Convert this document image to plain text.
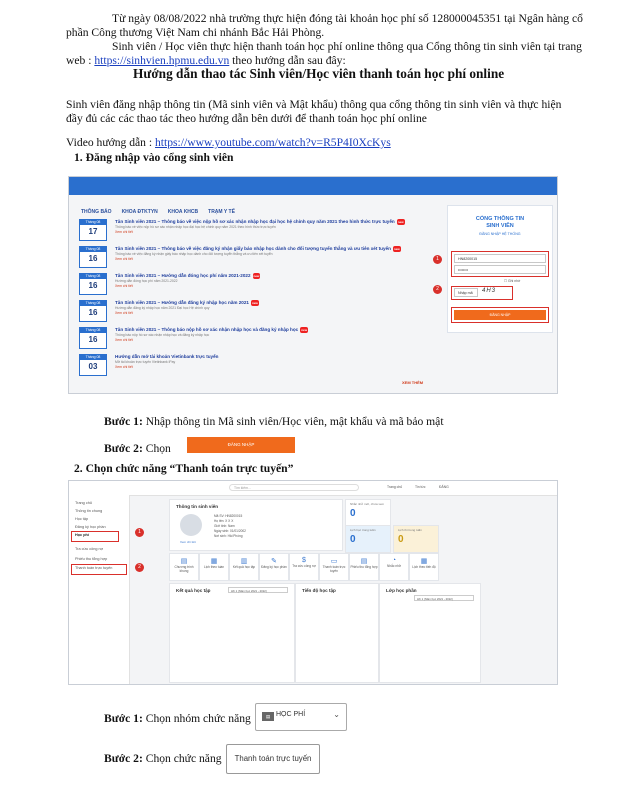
Từ ngày 08/08/2022 nhà trường thực hiện đóng tài khoản học phí số 128000045351 tại Ngân hàng cổ
phần Công thương Việt Nam chi nhánh Bắc Hải Phòng.
Sinh viên / Học viên thực hiện thanh toán học phí online thông qua Cổng thông tin sinh viên tại trang
web : https://sinhvien.hpmu.edu.vn theo hướng dẫn sau đây:
Hướng dẫn thao tác Sinh viên/Học viên thanh toán học phí online
Sinh viên đăng nhập thông tin (Mã sinh viên và Mật khẩu) thông qua cổng thông tin sinh viên và thực hiện
đầy đủ các các thao tác theo hướng dẫn bên dưới để thanh toán học phí online
Video hướng dẫn : https://www.youtube.com/watch?v=R5P4I0XcKys
1. Đăng nhập vào cổng sinh viên
THÔNG BÁO KHOA ĐTKTYN KHOA KHCB TRẠM Y TẾ
Tháng 08
17
Tân Sinh viên 2021 – Thông báo về việc nộp hồ sơ xác nhận nhập học đại học hệ chính quy năm 2021 theo hình thức trực tuyến new
Thông báo về việc nộp hồ sơ xác nhận nhập học đại học hệ chính quy năm 2021 theo hình thức trực tuyến
Xem chi tiết
Tháng 08
16
Tân Sinh viên 2021 – Thông báo về việc đăng ký nhận giấy báo nhập học dành cho đối tượng tuyển thẳng và ưu tiên xét tuyển new
Thông báo về việc đăng ký nhận giấy báo nhập học dành cho đối tượng tuyển thẳng và ưu tiên xét tuyển
Xem chi tiết
Tháng 08
16
Tân Sinh viên 2021 – Hướng dẫn đóng học phí năm 2021-2022 new
Hướng dẫn đóng học phí năm 2021-2022
Xem chi tiết
Tháng 08
16
Tân Sinh viên 2021 – Hướng dẫn đăng ký nhập học năm 2021 new
Hướng dẫn đăng ký nhập học năm 2021 Đại học Hệ chính quy
Xem chi tiết
Tháng 08
16
Tân Sinh viên 2021 – Thông báo nộp hồ sơ xác nhận nhập học và đăng ký nhập học new
Thông báo nộp hồ sơ xác nhận nhập học và đăng ký nhập học
Xem chi tiết
Tháng 08
03
Hướng dẫn mở tài khoản Vietinbank trực tuyến
Mở tài khoản trực tuyến Vietinbank iPay
Xem chi tiết
XEM THÊM
CỔNG THÔNG TIN
SINH VIÊN
ĐĂNG NHẬP HỆ THỐNG
HN8200015
••••••••
☐ Ghi nhớ
Nhập mã	4H3
ĐĂNG NHẬP
1
2
Bước 1: Nhập thông tin Mã sinh viên/Học viên, mật khẩu và mã bảo mật
Bước 2: Chọn	ĐĂNG NHẬP
2. Chọn chức năng “Thanh toán trực tuyến”
Tìm kiếm...	Trang chủ	Tin tức	ĐĂNG
Trang chủ
Thông tin chung
Học tập
Đăng ký học phần
Học phí
Tra cứu công nợ
Phiếu thu tổng hợp
Thanh toán trực tuyến
1
2
Thông tin sinh viên
Xem chi tiết
Mã SV: HN8200015
Họ tên: X X X
Giới tính: Nam
Ngày sinh: 01/01/2002
Nơi sinh: Hải Phòng
Nhắc nhở mới, chưa xem
0
Lịch học trong tuần
0
Lịch thi trong tuần
0
▤
Chương trình khung
▦
Lịch theo tuần
▥
Kết quả học tập
✎
Đăng ký học phần
$
Tra cứu công nợ
▭
Thanh toán trực tuyến
▤
Phiếu thu tổng hợp
◔
Nhắc nhở
▦
Lịch theo tiến độ
Kết quả học tập	HK 1 (Năm học 2021 - 2022)	Tiến độ học tập	Lớp học phần
HK 1 (Năm học 2021 - 2022)
Bước 1: Chọn nhóm chức năng	▤ HỌC PHÍ	⌄
Bước 2: Chọn chức năng	Thanh toán trực tuyến
